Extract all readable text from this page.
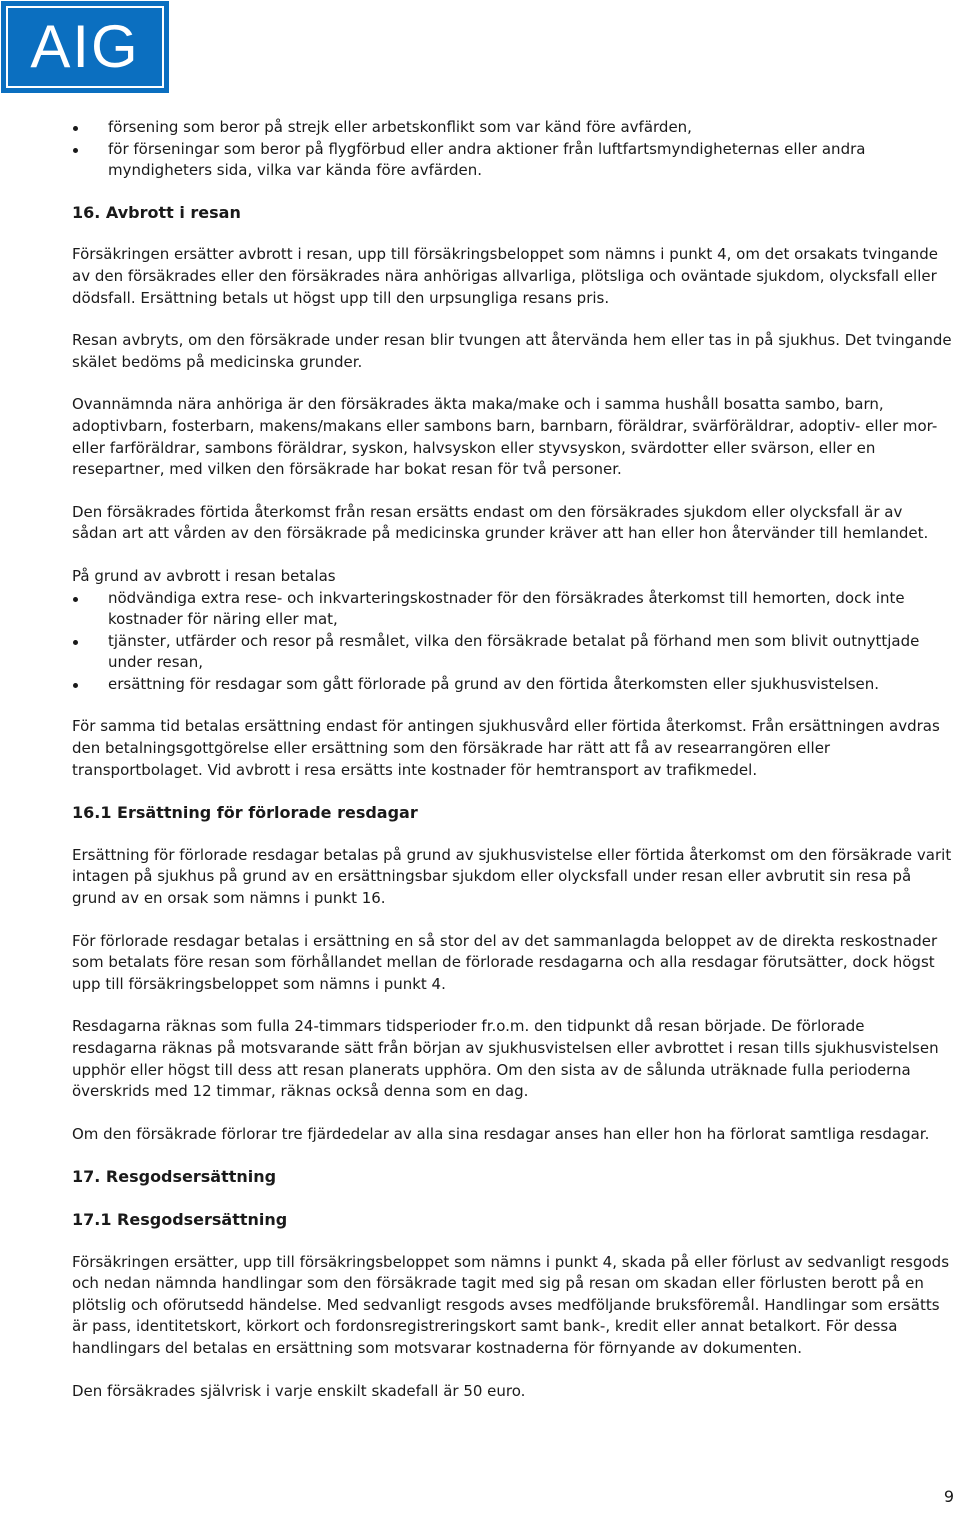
AIG
försening som beror på strejk eller arbetskonflikt som var känd före avfärden,
för förseningar som beror på flygförbud eller andra aktioner från luftfartsmyndigheternas eller andra myndigheters sida, vilka var kända före avfärden.

16. Avbrott i resan

Försäkringen ersätter avbrott i resan, upp till försäkringsbeloppet som nämns i punkt 4, om det orsakats tvingande av den försäkrades eller den försäkrades nära anhörigas allvarliga, plötsliga och oväntade sjukdom, olycksfall eller dödsfall. Ersättning betals ut högst upp till den urpsungliga resans pris.

Resan avbryts, om den försäkrade under resan blir tvungen att återvända hem eller tas in på sjukhus. Det tvingande skälet bedöms på medicinska grunder.

Ovannämnda nära anhöriga är den försäkrades äkta maka/make och i samma hushåll bosatta sambo, barn, adoptivbarn, fosterbarn, makens/makans eller sambons barn, barnbarn, föräldrar, svärföräldrar, adoptiv- eller mor- eller farföräldrar, sambons föräldrar, syskon, halvsyskon eller styvsyskon, svärdotter eller svärson, eller en resepartner, med vilken den försäkrade har bokat resan för två personer.

Den försäkrades förtida återkomst från resan ersätts endast om den försäkrades sjukdom eller olycksfall är av sådan art att vården av den försäkrade på medicinska grunder kräver att han eller hon återvänder till hemlandet.

På grund av avbrott i resan betalas

nödvändiga extra rese- och inkvarteringskostnader för den försäkrades återkomst till hemorten, dock inte kostnader för näring eller mat,
tjänster, utfärder och resor på resmålet, vilka den försäkrade betalat på förhand men som blivit outnyttjade under resan,
ersättning för resdagar som gått förlorade på grund av den förtida återkomsten eller sjukhusvistelsen.

För samma tid betalas ersättning endast för antingen sjukhusvård eller förtida återkomst. Från ersättningen avdras den betalningsgottgörelse eller ersättning som den försäkrade har rätt att få av researrangören eller transportbolaget. Vid avbrott i resa ersätts inte kostnader för hemtransport av trafikmedel.

16.1 Ersättning för förlorade resdagar

Ersättning för förlorade resdagar betalas på grund av sjukhusvistelse eller förtida återkomst om den försäkrade varit intagen på sjukhus på grund av en ersättningsbar sjukdom eller olycksfall under resan eller avbrutit sin resa på grund av en orsak som nämns i punkt 16.

För förlorade resdagar betalas i ersättning en så stor del av det sammanlagda beloppet av de direkta reskostnader som betalats före resan som förhållandet mellan de förlorade resdagarna och alla resdagar förutsätter, dock högst upp till försäkringsbeloppet som nämns i punkt 4.

Resdagarna räknas som fulla 24-timmars tidsperioder fr.o.m. den tidpunkt då resan började. De förlorade resdagarna räknas på motsvarande sätt från början av sjukhusvistelsen eller avbrottet i resan tills sjukhusvistelsen upphör eller högst till dess att resan planerats upphöra. Om den sista av de sålunda uträknade fulla perioderna överskrids med 12 timmar, räknas också denna som en dag.

Om den försäkrade förlorar tre fjärdedelar av alla sina resdagar anses han eller hon ha förlorat samtliga resdagar.

17. Resgodsersättning

17.1 Resgodsersättning

Försäkringen ersätter, upp till försäkringsbeloppet som nämns i punkt 4, skada på eller förlust av sedvanligt resgods och nedan nämnda handlingar som den försäkrade tagit med sig på resan om skadan eller förlusten berott på en plötslig och oförutsedd händelse. Med sedvanligt resgods avses medföljande bruksföremål. Handlingar som ersätts är pass, identitetskort, körkort och fordonsregistreringskort samt bank-, kredit eller annat betalkort. För dessa handlingars del betalas en ersättning som motsvarar kostnaderna för förnyande av dokumenten.

Den försäkrades självrisk i varje enskilt skadefall är 50 euro.

9
